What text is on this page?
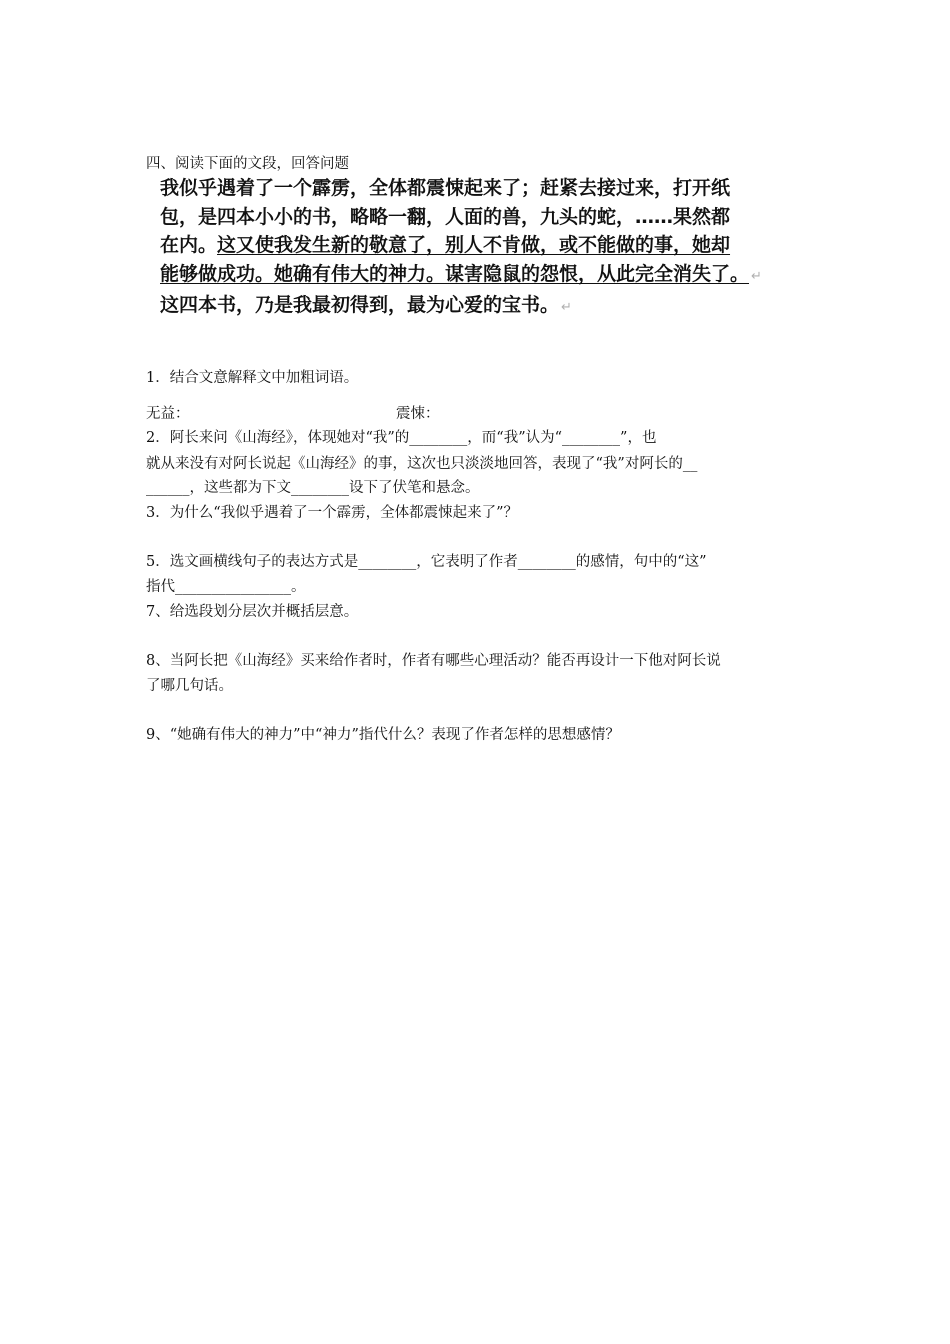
四、阅读下面的文段，回答问题
我似乎遇着了一个霹雳，全体都震悚起来了；赶紧去接过来，打开纸
包，是四本小小的书，略略一翻，人面的兽，九头的蛇，……果然都
在内。这又使我发生新的敬意了，别人不肯做，或不能做的事，她却
能够做成功。她确有伟大的神力。谋害隐鼠的怨恨，从此完全消失了。 ↵
这四本书，乃是我最初得到，最为心爱的宝书。 ↵
1．结合文意解释文中加粗词语。
无益：	震悚：
2．阿长来问《山海经》，体现她对“我”的________，而“我”认为“________”，也
就从来没有对阿长说起《山海经》的事，这次也只淡淡地回答，表现了“我”对阿长的__
______，这些都为下文________设下了伏笔和悬念。
3．为什么“我似乎遇着了一个霹雳，全体都震悚起来了”？
5．选文画横线句子的表达方式是________，它表明了作者________的感情，句中的“这”
指代________________。
7、给选段划分层次并概括层意。
8、当阿长把《山海经》买来给作者时，作者有哪些心理活动？能否再设计一下他对阿长说
了哪几句话。
9、“她确有伟大的神力”中“神力”指代什么？表现了作者怎样的思想感情？
